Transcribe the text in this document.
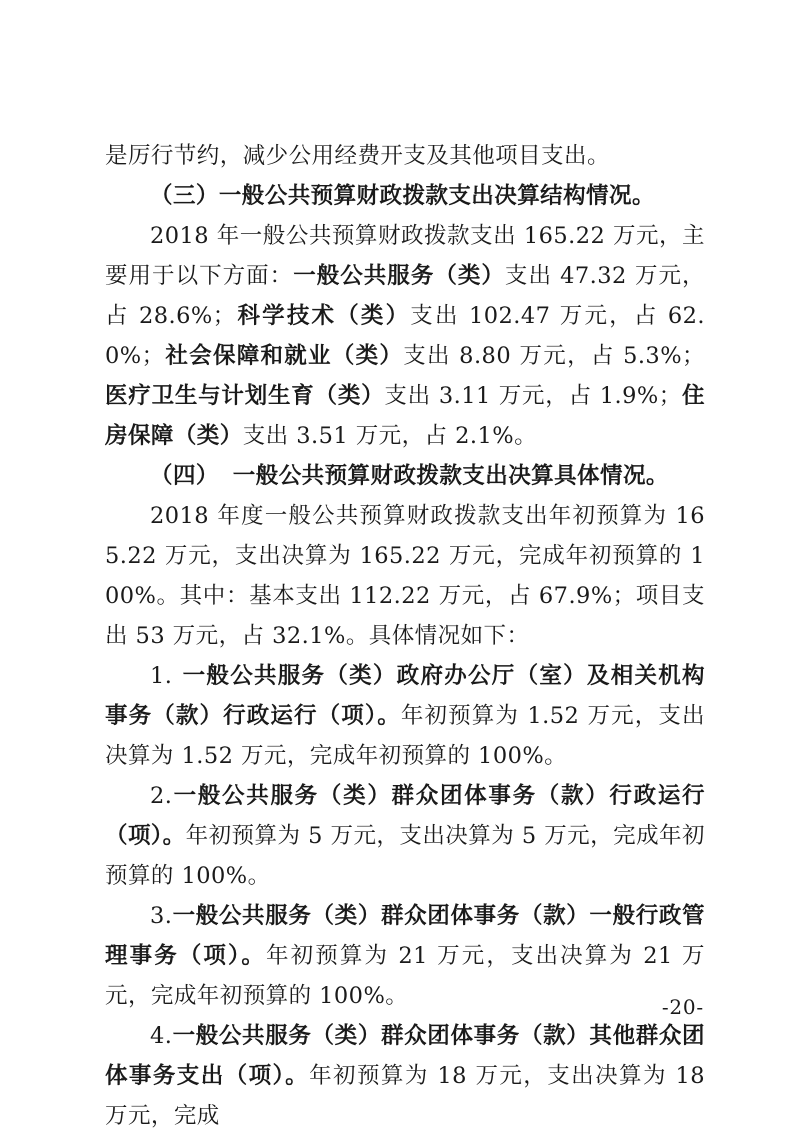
是厉行节约，减少公用经费开支及其他项目支出。

（三）一般公共预算财政拨款支出决算结构情况。

2018 年一般公共预算财政拨款支出 165.22 万元，主要用于以下方面：一般公共服务（类）支出 47.32 万元，占 28.6%；科学技术（类）支出 102.47 万元，占 62.0%；社会保障和就业（类）支出 8.80 万元，占 5.3%；医疗卫生与计划生育（类）支出 3.11 万元，占 1.9%；住房保障（类）支出 3.51 万元，占 2.1%。

（四） 一般公共预算财政拨款支出决算具体情况。

2018 年度一般公共预算财政拨款支出年初预算为 165.22 万元，支出决算为 165.22 万元，完成年初预算的 100%。其中：基本支出 112.22 万元，占 67.9%；项目支出 53 万元，占 32.1%。具体情况如下：

1. 一般公共服务（类）政府办公厅（室）及相关机构事务（款）行政运行（项）。年初预算为 1.52 万元，支出决算为 1.52 万元，完成年初预算的 100%。

2.一般公共服务（类）群众团体事务（款）行政运行（项）。年初预算为 5 万元，支出决算为 5 万元，完成年初预算的 100%。

3.一般公共服务（类）群众团体事务（款）一般行政管理事务（项）。年初预算为 21 万元，支出决算为 21 万元，完成年初预算的 100%。

4.一般公共服务（类）群众团体事务（款）其他群众团体事务支出（项）。年初预算为 18 万元，支出决算为 18 万元，完成

-20-
